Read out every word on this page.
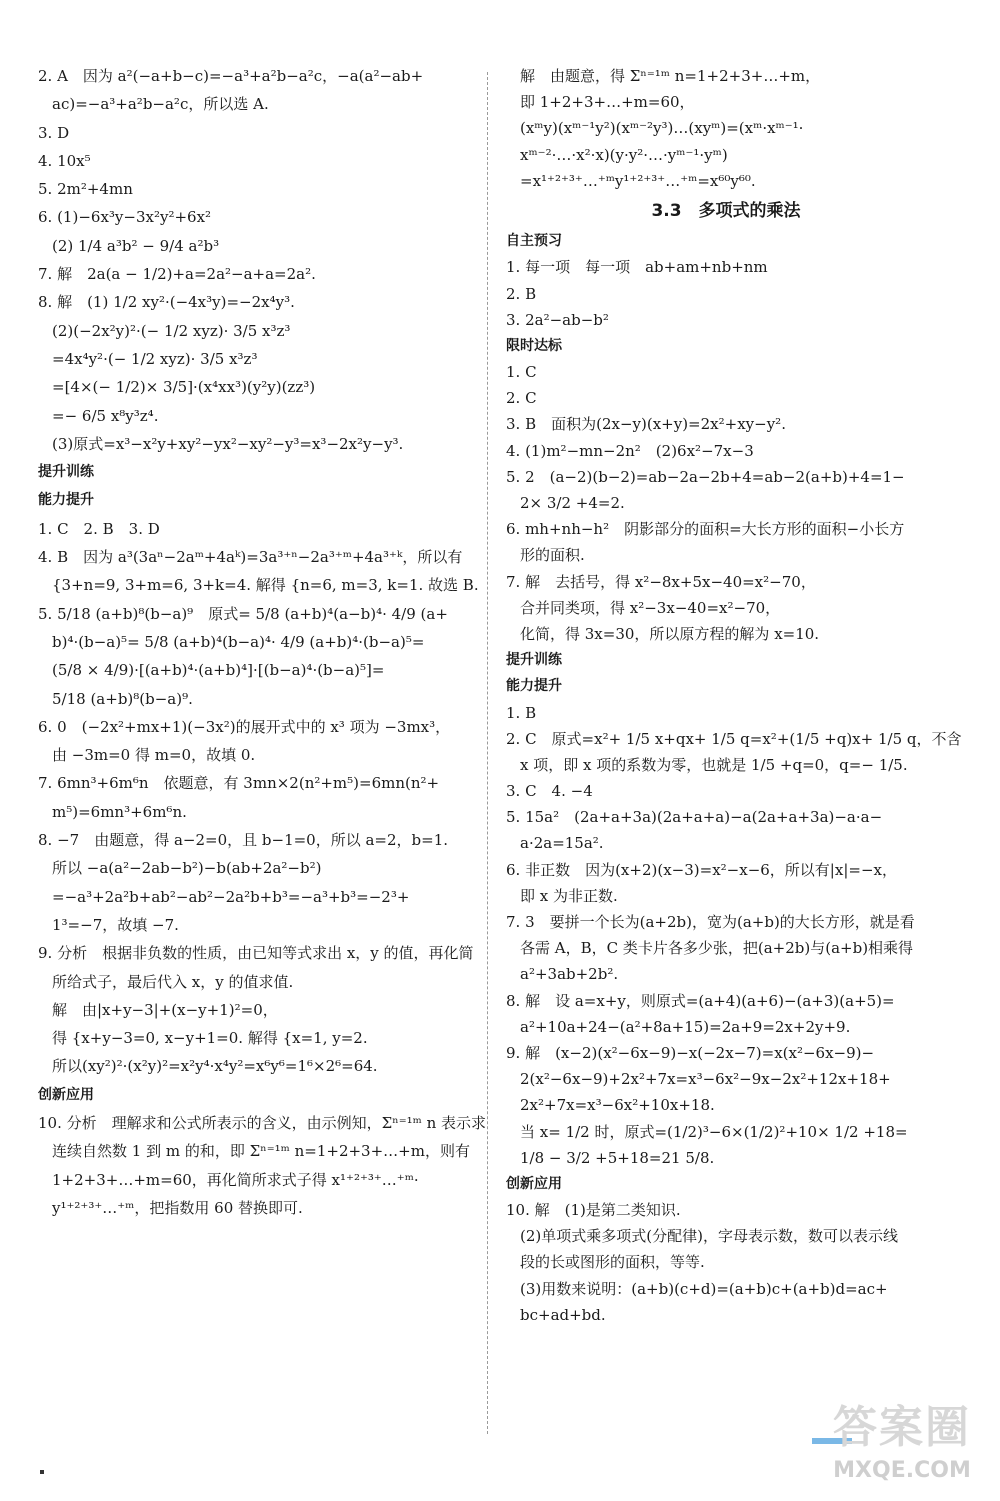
2. A　因为 a²(−a+b−c)=−a³+a²b−a²c，−a(a²−ab+

ac)=−a³+a²b−a²c，所以选 A.

3. D

4. 10x⁵

5. 2m²+4mn

6. (1)−6x³y−3x²y²+6x²

(2) 1/4 a³b² − 9/4 a²b³

7. 解　2a(a − 1/2)+a=2a²−a+a=2a².

8. 解　(1) 1/2 xy²·(−4x³y)=−2x⁴y³.

(2)(−2x²y)²·(− 1/2 xyz)· 3/5 x³z³

=4x⁴y²·(− 1/2 xyz)· 3/5 x³z³

=[4×(− 1/2)× 3/5]·(x⁴xx³)(y²y)(zz³)

=− 6/5 x⁸y³z⁴.

(3)原式=x³−x²y+xy²−yx²−xy²−y³=x³−2x²y−y³.

提升训练

能力提升

1. C　2. B　3. D

4. B　因为 a³(3aⁿ−2aᵐ+4aᵏ)=3a³⁺ⁿ−2a³⁺ᵐ+4a³⁺ᵏ，所以有

{3+n=9, 3+m=6, 3+k=4. 解得 {n=6, m=3, k=1. 故选 B.

5. 5/18 (a+b)⁸(b−a)⁹　原式= 5/8 (a+b)⁴(a−b)⁴· 4/9 (a+

b)⁴·(b−a)⁵= 5/8 (a+b)⁴(b−a)⁴· 4/9 (a+b)⁴·(b−a)⁵=

(5/8 × 4/9)·[(a+b)⁴·(a+b)⁴]·[(b−a)⁴·(b−a)⁵]=

5/18 (a+b)⁸(b−a)⁹.

6. 0　(−2x²+mx+1)(−3x²)的展开式中的 x³ 项为 −3mx³，

由 −3m=0 得 m=0，故填 0.

7. 6mn³+6m⁶n　依题意，有 3mn×2(n²+m⁵)=6mn(n²+

m⁵)=6mn³+6m⁶n.

8. −7　由题意，得 a−2=0，且 b−1=0，所以 a=2，b=1.

所以 −a(a²−2ab−b²)−b(ab+2a²−b²)

=−a³+2a²b+ab²−ab²−2a²b+b³=−a³+b³=−2³+

1³=−7，故填 −7.

9. 分析　根据非负数的性质，由已知等式求出 x，y 的值，再化简

所给式子，最后代入 x，y 的值求值.

解　由|x+y−3|+(x−y+1)²=0，

得 {x+y−3=0, x−y+1=0. 解得 {x=1, y=2.

所以(xy²)²·(x²y)²=x²y⁴·x⁴y²=x⁶y⁶=1⁶×2⁶=64.

创新应用

10. 分析　理解求和公式所表示的含义，由示例知，Σⁿ⁼¹ᵐ n 表示求

连续自然数 1 到 m 的和，即 Σⁿ⁼¹ᵐ n=1+2+3+…+m，则有

1+2+3+…+m=60，再化简所求式子得 x¹⁺²⁺³⁺…⁺ᵐ·

y¹⁺²⁺³⁺…⁺ᵐ，把指数用 60 替换即可.

解　由题意，得 Σⁿ⁼¹ᵐ n=1+2+3+…+m，

即 1+2+3+…+m=60，

(xᵐy)(xᵐ⁻¹y²)(xᵐ⁻²y³)…(xyᵐ)=(xᵐ·xᵐ⁻¹·

xᵐ⁻²·…·x²·x)(y·y²·…·yᵐ⁻¹·yᵐ)

=x¹⁺²⁺³⁺…⁺ᵐy¹⁺²⁺³⁺…⁺ᵐ=x⁶⁰y⁶⁰.

3.3　多项式的乘法

自主预习

1. 每一项　每一项　ab+am+nb+nm

2. B

3. 2a²−ab−b²

限时达标

1. C

2. C

3. B　面积为(2x−y)(x+y)=2x²+xy−y².

4. (1)m²−mn−2n²　(2)6x²−7x−3

5. 2　(a−2)(b−2)=ab−2a−2b+4=ab−2(a+b)+4=1−

2× 3/2 +4=2.

6. mh+nh−h²　阴影部分的面积=大长方形的面积−小长方

形的面积.

7. 解　去括号，得 x²−8x+5x−40=x²−70，

合并同类项，得 x²−3x−40=x²−70，

化简，得 3x=30，所以原方程的解为 x=10.

提升训练

能力提升

1. B

2. C　原式=x²+ 1/5 x+qx+ 1/5 q=x²+(1/5 +q)x+ 1/5 q，不含

x 项，即 x 项的系数为零，也就是 1/5 +q=0，q=− 1/5.

3. C　4. −4

5. 15a²　(2a+a+3a)(2a+a+a)−a(2a+a+3a)−a·a−

a·2a=15a².

6. 非正数　因为(x+2)(x−3)=x²−x−6，所以有|x|=−x，

即 x 为非正数.

7. 3　要拼一个长为(a+2b)，宽为(a+b)的大长方形，就是看

各需 A，B，C 类卡片各多少张，把(a+2b)与(a+b)相乘得

a²+3ab+2b².

8. 解　设 a=x+y，则原式=(a+4)(a+6)−(a+3)(a+5)=

a²+10a+24−(a²+8a+15)=2a+9=2x+2y+9.

9. 解　(x−2)(x²−6x−9)−x(−2x−7)=x(x²−6x−9)−

2(x²−6x−9)+2x²+7x=x³−6x²−9x−2x²+12x+18+

2x²+7x=x³−6x²+10x+18.

当 x= 1/2 时，原式=(1/2)³−6×(1/2)²+10× 1/2 +18=

1/8 − 3/2 +5+18=21 5/8.

创新应用

10. 解　(1)是第二类知识.

(2)单项式乘多项式(分配律)，字母表示数，数可以表示线

段的长或图形的面积，等等.

(3)用数来说明：(a+b)(c+d)=(a+b)c+(a+b)d=ac+

bc+ad+bd.

答案圈
MXQE.COM
